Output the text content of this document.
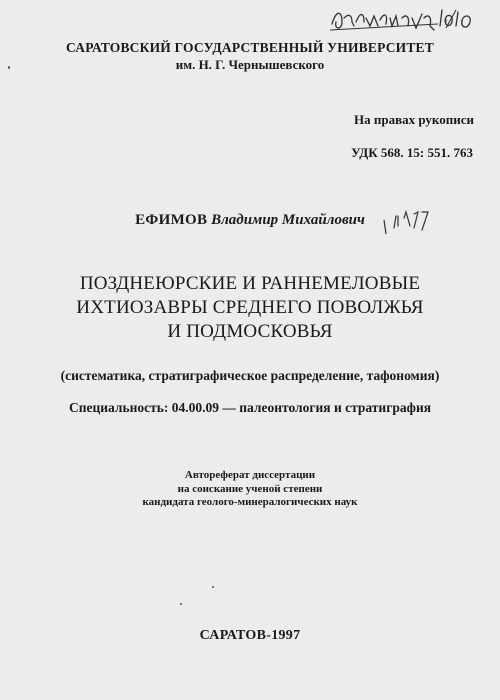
САРАТОВСКИЙ ГОСУДАРСТВЕННЫЙ УНИВЕРСИТЕТ
им. Н. Г. Чернышевского
На правах рукописи
УДК 568. 15: 551. 763
ЕФИМОВ Владимир Михайлович
ПОЗДНЕЮРСКИЕ И РАННЕМЕЛОВЫЕ
ИХТИОЗАВРЫ СРЕДНЕГО ПОВОЛЖЬЯ
И ПОДМОСКОВЬЯ
(систематика, стратиграфическое распределение, тафономия)
Специальность: 04.00.09 — палеонтология и стратиграфия
Автореферат диссертации
на соискание ученой степени
кандидата геолого-минералогических наук
САРАТОВ-1997
